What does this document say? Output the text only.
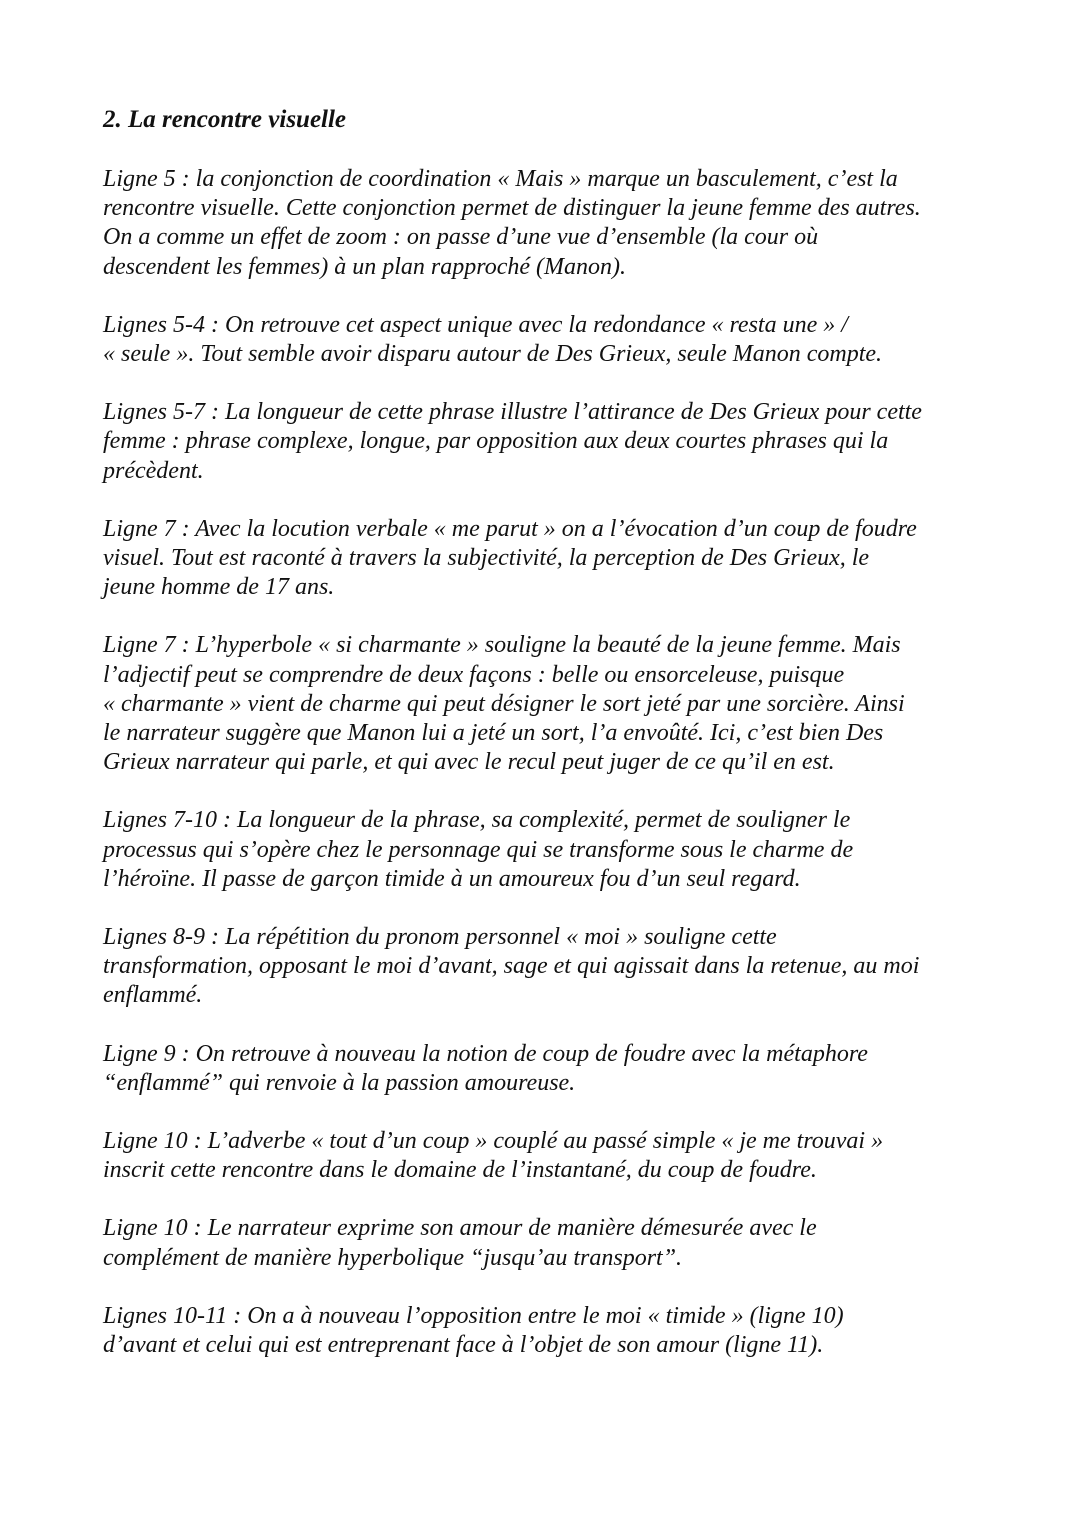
2. La rencontre visuelle
Ligne 5 : la conjonction de coordination « Mais » marque un basculement, c’est la
rencontre visuelle. Cette conjonction permet de distinguer la jeune femme des autres.
On a comme un effet de zoom : on passe d’une vue d’ensemble (la cour où
descendent les femmes) à un plan rapproché (Manon).
Lignes 5-4 : On retrouve cet aspect unique avec la redondance « resta une » /
« seule ». Tout semble avoir disparu autour de Des Grieux, seule Manon compte.
Lignes 5-7 : La longueur de cette phrase illustre l’attirance de Des Grieux pour cette
femme : phrase complexe, longue, par opposition aux deux courtes phrases qui la
précèdent.
Ligne 7 : Avec la locution verbale « me parut » on a l’évocation d’un coup de foudre
visuel. Tout est raconté à travers la subjectivité, la perception de Des Grieux, le
jeune homme de 17 ans.
Ligne 7 : L’hyperbole « si charmante » souligne la beauté de la jeune femme. Mais
l’adjectif peut se comprendre de deux façons : belle ou ensorceleuse, puisque
« charmante » vient de charme qui peut désigner le sort jeté par une sorcière. Ainsi
le narrateur suggère que Manon lui a jeté un sort, l’a envoûté. Ici, c’est bien Des
Grieux narrateur qui parle, et qui avec le recul peut juger de ce qu’il en est.
Lignes 7-10 : La longueur de la phrase, sa complexité, permet de souligner le
processus qui s’opère chez le personnage qui se transforme sous le charme de
l’héroïne. Il passe de garçon timide à un amoureux fou d’un seul regard.
Lignes 8-9 : La répétition du pronom personnel « moi » souligne cette
transformation, opposant le moi d’avant, sage et qui agissait dans la retenue, au moi
enflammé.
Ligne 9 : On retrouve à nouveau la notion de coup de foudre avec la métaphore
“enflammé” qui renvoie à la passion amoureuse.
Ligne 10 : L’adverbe « tout d’un coup » couplé au passé simple « je me trouvai »
inscrit cette rencontre dans le domaine de l’instantané, du coup de foudre.
Ligne 10 : Le narrateur exprime son amour de manière démesurée avec le
complément de manière hyperbolique “jusqu’au transport”.
Lignes 10-11 : On a à nouveau l’opposition entre le moi « timide » (ligne 10)
d’avant et celui qui est entreprenant face à l’objet de son amour (ligne 11).
